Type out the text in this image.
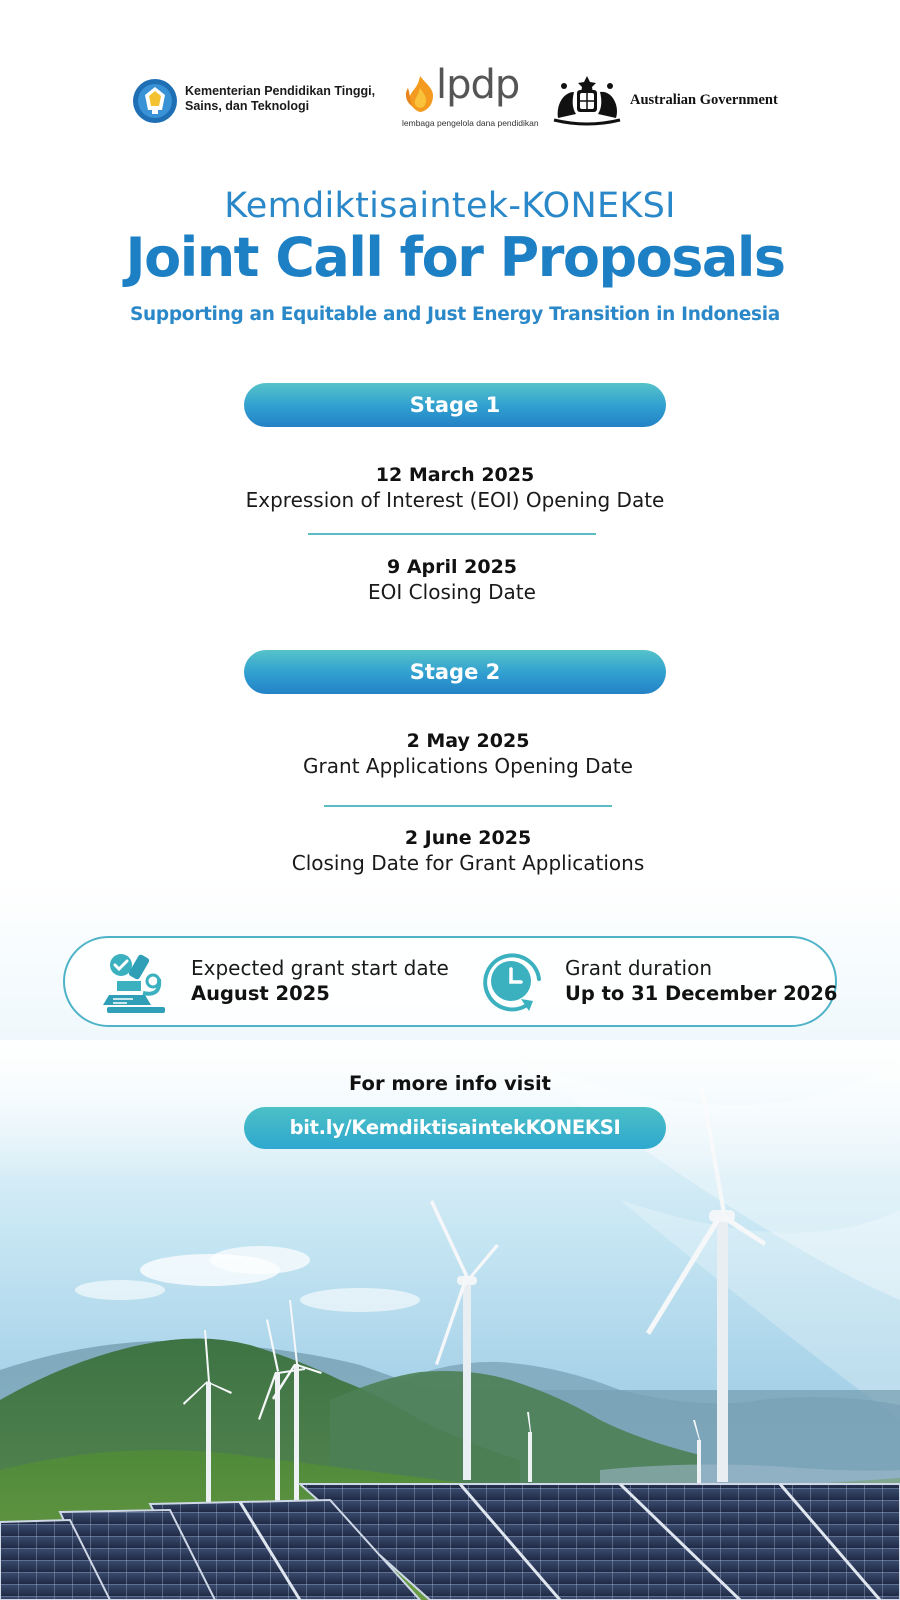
Kementerian Pendidikan Tinggi,
Sains, dan Teknologi	lpdp
lembaga pengelola dana pendidikan
Australian Government
Kemdiktisaintek-KONEKSI
Joint Call for Proposals
Supporting an Equitable and Just Energy Transition in Indonesia
Stage 1
12 March 2025
Expression of Interest (EOI) Opening Date
9 April 2025
EOI Closing Date
Stage 2
2 May 2025
Grant Applications Opening Date
2 June 2025
Closing Date for Grant Applications
Expected grant start date
August 2025
Grant duration
Up to 31 December 2026
For more info visit
bit.ly/KemdiktisaintekKONEKSI
